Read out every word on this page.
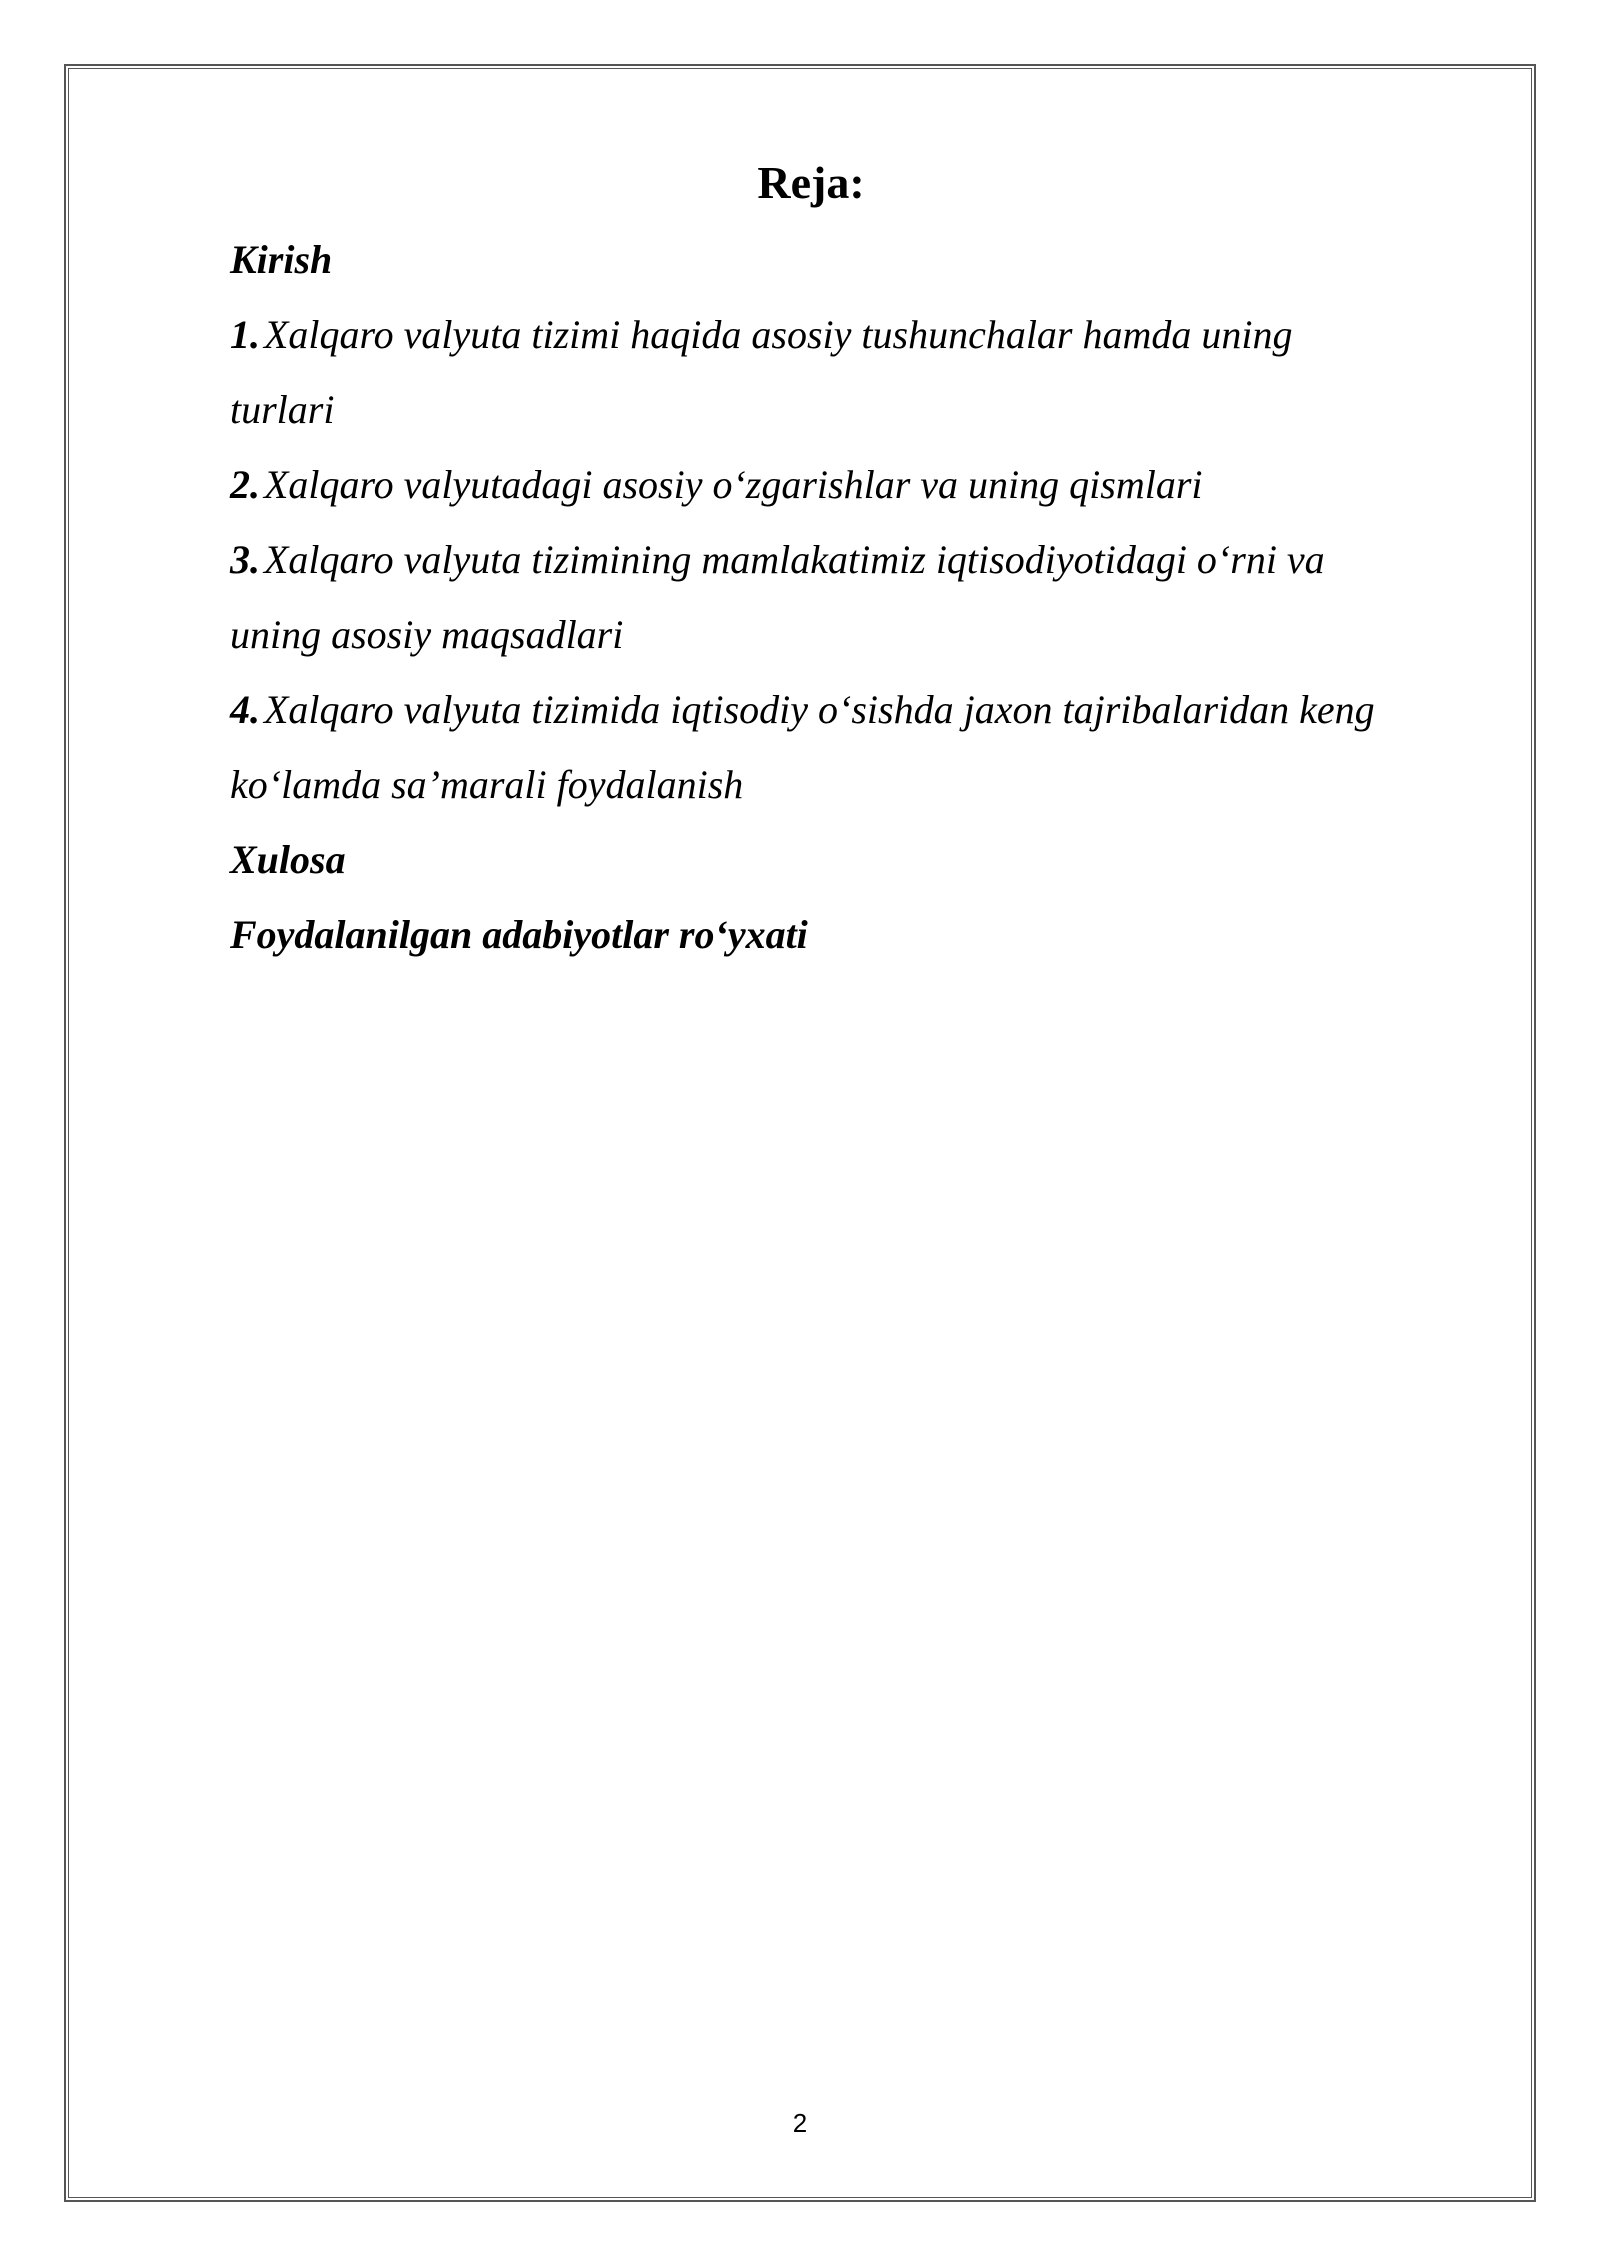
Reja:

Kirish

1. Xalqaro valyuta tizimi haqida asosiy tushunchalar hamda uning

turlari

2. Xalqaro valyutadagi asosiy o‘zgarishlar va uning qismlari

3. Xalqaro valyuta tizimining mamlakatimiz iqtisodiyotidagi o‘rni va

uning asosiy maqsadlari

4. Xalqaro valyuta tizimida iqtisodiy o‘sishda jaxon tajribalaridan keng

ko‘lamda sa’marali foydalanish

Xulosa

Foydalanilgan adabiyotlar ro‘yxati

2
